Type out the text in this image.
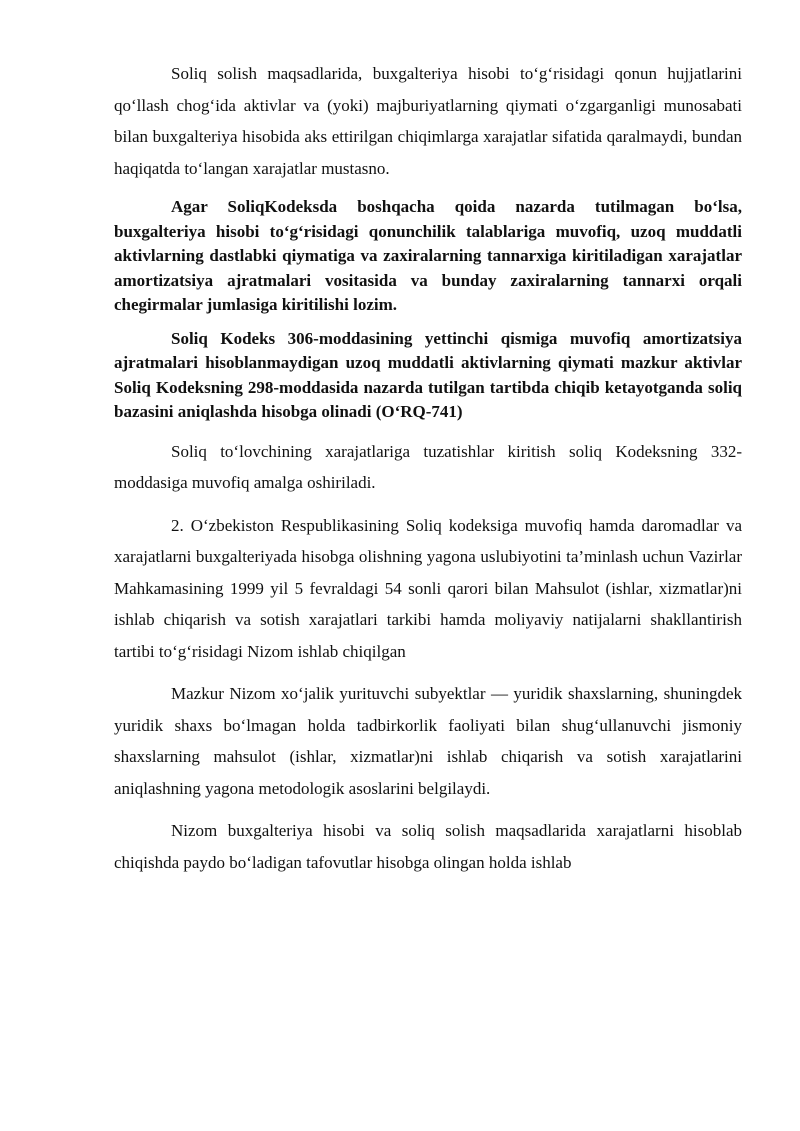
Soliq solish maqsadlarida, buxgalteriya hisobi to‘g‘risidagi qonun hujjatlarini qo‘llash chog‘ida aktivlar va (yoki) majburiyatlarning qiymati o‘zgarganligi munosabati bilan buxgalteriya hisobida aks ettirilgan chiqimlarga xarajatlar sifatida qaralmaydi, bundan haqiqatda to‘langan xarajatlar mustasno.

Agar SoliqKodeksda boshqacha qoida nazarda tutilmagan bo‘lsa, buxgalteriya hisobi to‘g‘risidagi qonunchilik talablariga muvofiq, uzoq muddatli aktivlarning dastlabki qiymatiga va zaxiralarning tannarxiga kiritiladigan xarajatlar amortizatsiya ajratmalari vositasida va bunday zaxiralarning tannarxi orqali chegirmalar jumlasiga kiritilishi lozim.

Soliq Kodeks 306-moddasining yettinchi qismiga muvofiq amortizatsiya ajratmalari hisoblanmaydigan uzoq muddatli aktivlarning qiymati mazkur aktivlar Soliq Kodeksning 298-moddasida nazarda tutilgan tartibda chiqib ketayotganda soliq bazasini aniqlashda hisobga olinadi (O‘RQ-741)

Soliq to‘lovchining xarajatlariga tuzatishlar kiritish soliq Kodeksning 332-moddasiga muvofiq amalga oshiriladi.

2. O‘zbekiston Respublikasining Soliq kodeksiga muvofiq hamda daromadlar va xarajatlarni buxgalteriyada hisobga olishning yagona uslubiyotini ta’minlash uchun Vazirlar Mahkamasining 1999 yil 5 fevraldagi 54 sonli qarori bilan Mahsulot (ishlar, xizmatlar)ni ishlab chiqarish va sotish xarajatlari tarkibi hamda moliyaviy natijalarni shakllantirish tartibi to‘g‘risidagi Nizom ishlab chiqilgan

Mazkur Nizom xo‘jalik yurituvchi subyektlar — yuridik shaxslarning, shuningdek yuridik shaxs bo‘lmagan holda tadbirkorlik faoliyati bilan shug‘ullanuvchi jismoniy shaxslarning mahsulot (ishlar, xizmatlar)ni ishlab chiqarish va sotish xarajatlarini aniqlashning yagona metodologik asoslarini belgilaydi.

Nizom buxgalteriya hisobi va soliq solish maqsadlarida xarajatlarni hisoblab chiqishda paydo bo‘ladigan tafovutlar hisobga olingan holda ishlab
